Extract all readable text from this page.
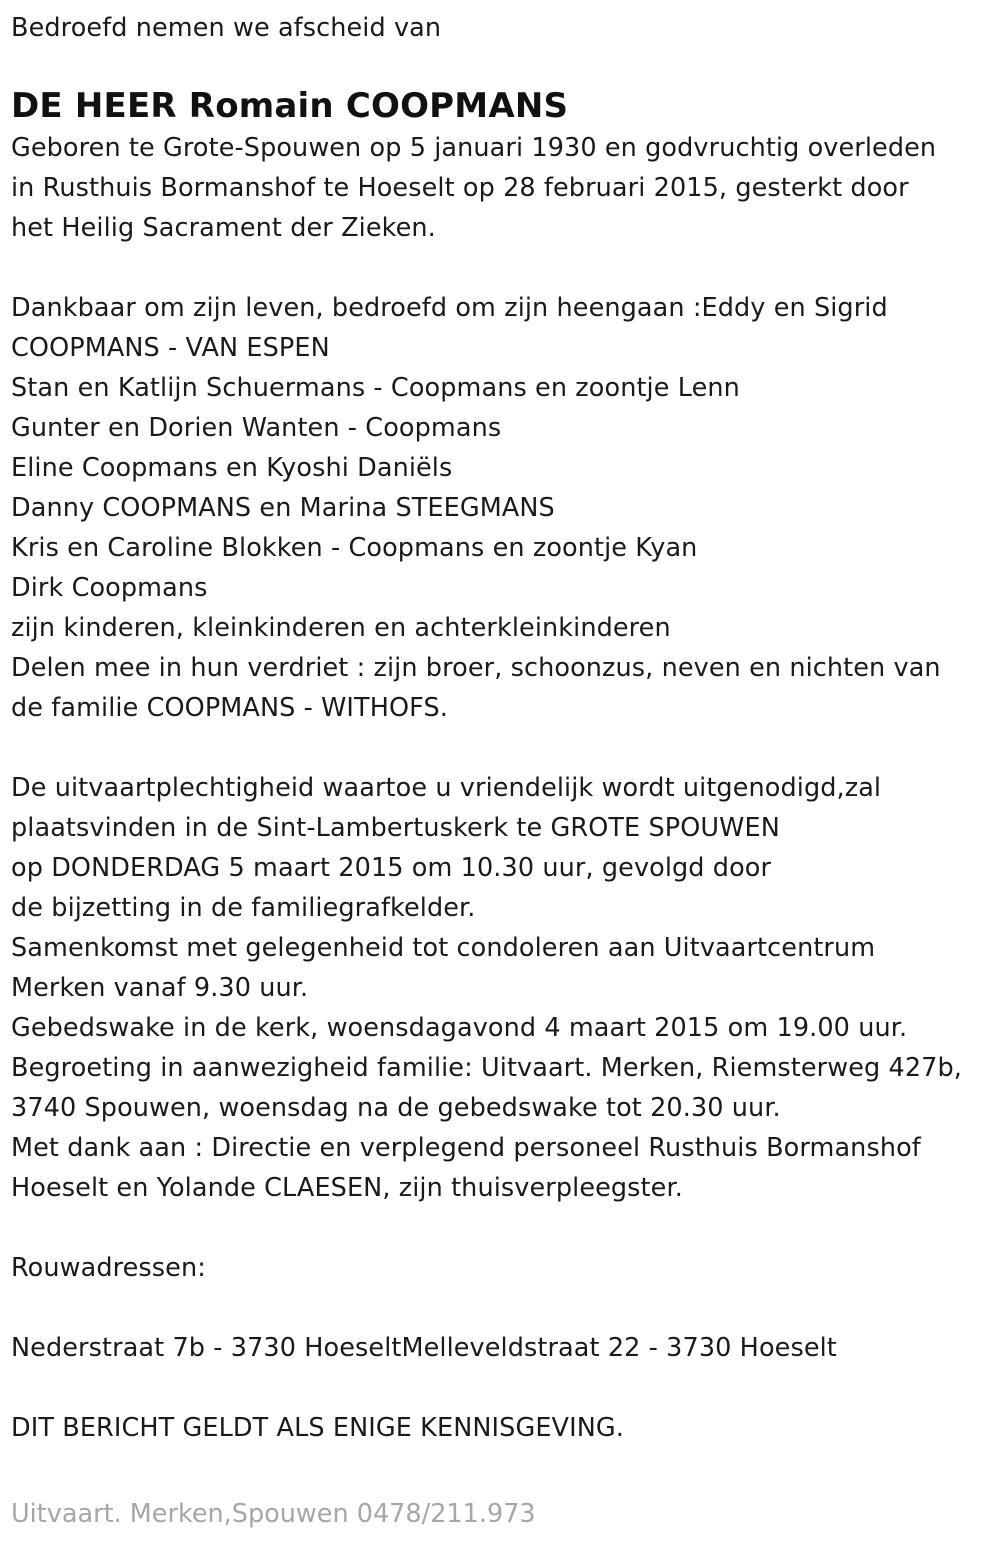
Bedroefd nemen we afscheid van
DE HEER Romain COOPMANS
Geboren te Grote-Spouwen op 5 januari 1930 en godvruchtig overleden
in Rusthuis Bormanshof te Hoeselt op 28 februari 2015, gesterkt door
het Heilig Sacrament der Zieken.
Dankbaar om zijn leven, bedroefd om zijn heengaan :Eddy en Sigrid
COOPMANS - VAN ESPEN
Stan en Katlijn Schuermans - Coopmans en zoontje Lenn
Gunter en Dorien Wanten - Coopmans
Eline Coopmans en Kyoshi Daniëls
Danny COOPMANS en Marina STEEGMANS
Kris en Caroline Blokken - Coopmans en zoontje Kyan
Dirk Coopmans
zijn kinderen, kleinkinderen en achterkleinkinderen
Delen mee in hun verdriet : zijn broer, schoonzus, neven en nichten van
de familie COOPMANS - WITHOFS.
De uitvaartplechtigheid waartoe u vriendelijk wordt uitgenodigd,zal
plaatsvinden in de Sint-Lambertuskerk te GROTE SPOUWEN
op DONDERDAG 5 maart 2015 om 10.30 uur, gevolgd door
de bijzetting in de familiegrafkelder.
Samenkomst met gelegenheid tot condoleren aan Uitvaartcentrum
Merken vanaf 9.30 uur.
Gebedswake in de kerk, woensdagavond 4 maart 2015 om 19.00 uur.
Begroeting in aanwezigheid familie: Uitvaart. Merken, Riemsterweg 427b,
3740 Spouwen, woensdag na de gebedswake tot 20.30 uur.
Met dank aan : Directie en verplegend personeel Rusthuis Bormanshof
Hoeselt en Yolande CLAESEN, zijn thuisverpleegster.
Rouwadressen:
Nederstraat 7b - 3730 HoeseltMelleveldstraat 22 - 3730 Hoeselt
DIT BERICHT GELDT ALS ENIGE KENNISGEVING.
Uitvaart. Merken,Spouwen 0478/211.973
